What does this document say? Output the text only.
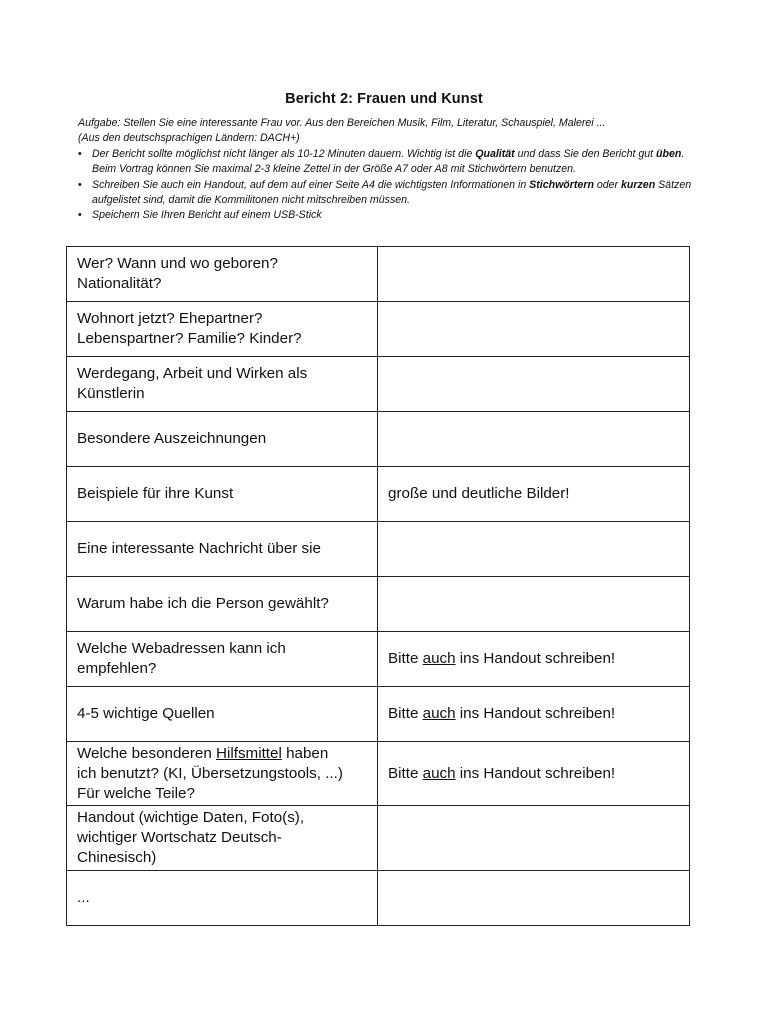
Bericht 2: Frauen und Kunst
Aufgabe: Stellen Sie eine interessante Frau vor. Aus den Bereichen Musik, Film, Literatur, Schauspiel, Malerei ...
(Aus den deutschsprachigen Ländern: DACH+)
• Der Bericht sollte möglichst nicht länger als 10-12 Minuten dauern. Wichtig ist die Qualität und dass Sie den Bericht gut üben. Beim Vortrag können Sie maximal 2-3 kleine Zettel in der Größe A7 oder A8 mit Stichwörtern benutzen.
• Schreiben Sie auch ein Handout, auf dem auf einer Seite A4 die wichtigsten Informationen in Stichwörtern oder kurzen Sätzen aufgelistet sind, damit die Kommilitonen nicht mitschreiben müssen.
• Speichern Sie Ihren Bericht auf einem USB-Stick
Wer? Wann und wo geboren?
Nationalität?	

Wohnort jetzt? Ehepartner?
Lebenspartner? Familie? Kinder?	

Werdegang, Arbeit und Wirken als
Künstlerin	

Besondere Auszeichnungen	

Beispiele für ihre Kunst	große und deutliche Bilder!

Eine interessante Nachricht über sie	

Warum habe ich die Person gewählt?	

Welche Webadressen kann ich
empfehlen?	Bitte auch ins Handout schreiben!

4-5 wichtige Quellen	Bitte auch ins Handout schreiben!

Welche besonderen Hilfsmittel haben
ich benutzt? (KI, Übersetzungstools, ...)
Für welche Teile?	Bitte auch ins Handout schreiben!

Handout (wichtige Daten, Foto(s),
wichtiger Wortschatz Deutsch-
Chinesisch)	

...	
